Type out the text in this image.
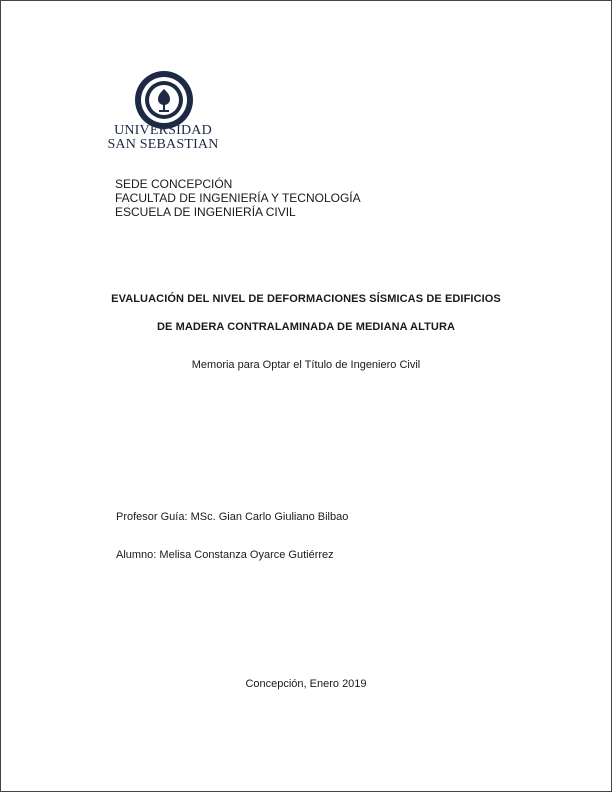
UNIVERSIDAD
SAN SEBASTIAN
SEDE CONCEPCIÓN
FACULTAD DE INGENIERÍA Y TECNOLOGÍA
ESCUELA DE INGENIERÍA CIVIL
EVALUACIÓN DEL NIVEL DE DEFORMACIONES SÍSMICAS DE EDIFICIOS
DE MADERA CONTRALAMINADA DE MEDIANA ALTURA
Memoria para Optar el Título de Ingeniero Civil
Profesor Guía: MSc. Gian Carlo Giuliano Bilbao
Alumno: Melisa Constanza Oyarce Gutiérrez
Concepción, Enero 2019
